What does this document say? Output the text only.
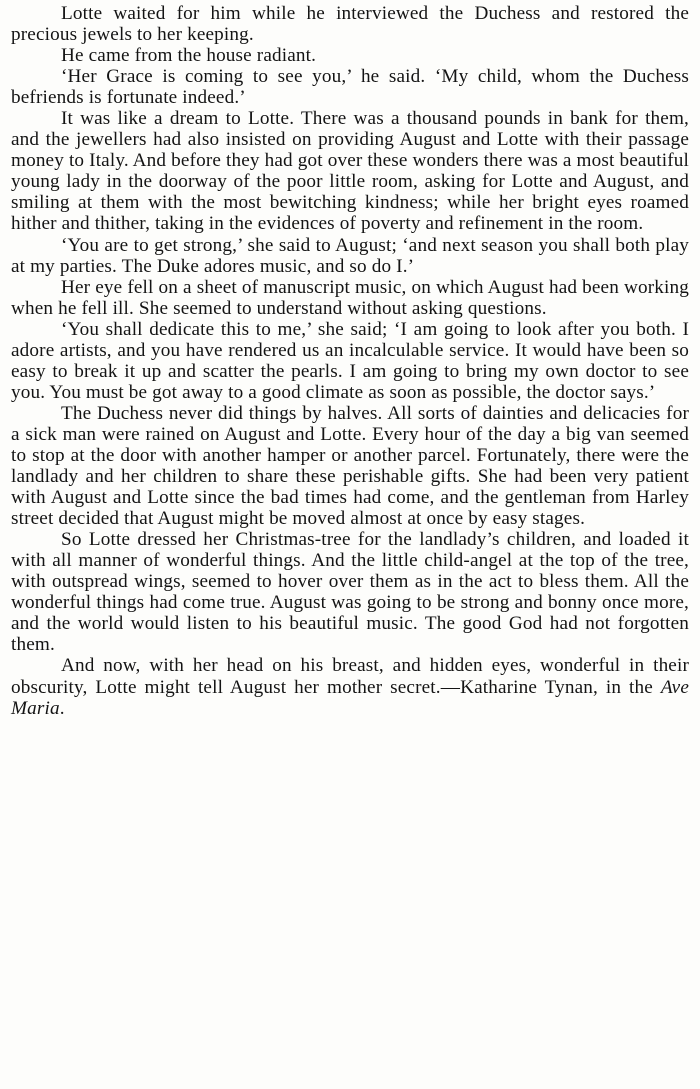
Lotte waited for him while he interviewed the Duchess and restored the precious jewels to her keeping.

He came from the house radiant.

‘Her Grace is coming to see you,’ he said. ‘My child, whom the Duchess befriends is fortunate indeed.’

It was like a dream to Lotte. There was a thousand pounds in bank for them, and the jewellers had also insisted on providing August and Lotte with their passage money to Italy. And before they had got over these wonders there was a most beautiful young lady in the doorway of the poor little room, asking for Lotte and August, and smiling at them with the most bewitching kindness; while her bright eyes roamed hither and thither, taking in the evidences of poverty and refinement in the room.

‘You are to get strong,’ she said to August; ‘and next season you shall both play at my parties. The Duke adores music, and so do I.’

Her eye fell on a sheet of manuscript music, on which August had been working when he fell ill. She seemed to understand without asking questions.

‘You shall dedicate this to me,’ she said; ‘I am going to look after you both. I adore artists, and you have rendered us an incalculable service. It would have been so easy to break it up and scatter the pearls. I am going to bring my own doctor to see you. You must be got away to a good climate as soon as possible, the doctor says.’

The Duchess never did things by halves. All sorts of dainties and delicacies for a sick man were rained on August and Lotte. Every hour of the day a big van seemed to stop at the door with another hamper or another parcel. Fortunately, there were the landlady and her children to share these perishable gifts. She had been very patient with August and Lotte since the bad times had come, and the gentleman from Harley street decided that August might be moved almost at once by easy stages.

So Lotte dressed her Christmas-tree for the landlady’s children, and loaded it with all manner of wonderful things. And the little child-angel at the top of the tree, with outspread wings, seemed to hover over them as in the act to bless them. All the wonderful things had come true. August was going to be strong and bonny once more, and the world would listen to his beautiful music. The good God had not forgotten them.

And now, with her head on his breast, and hidden eyes, wonderful in their obscurity, Lotte might tell August her mother secret.—Katharine Tynan, in the Ave Maria.
